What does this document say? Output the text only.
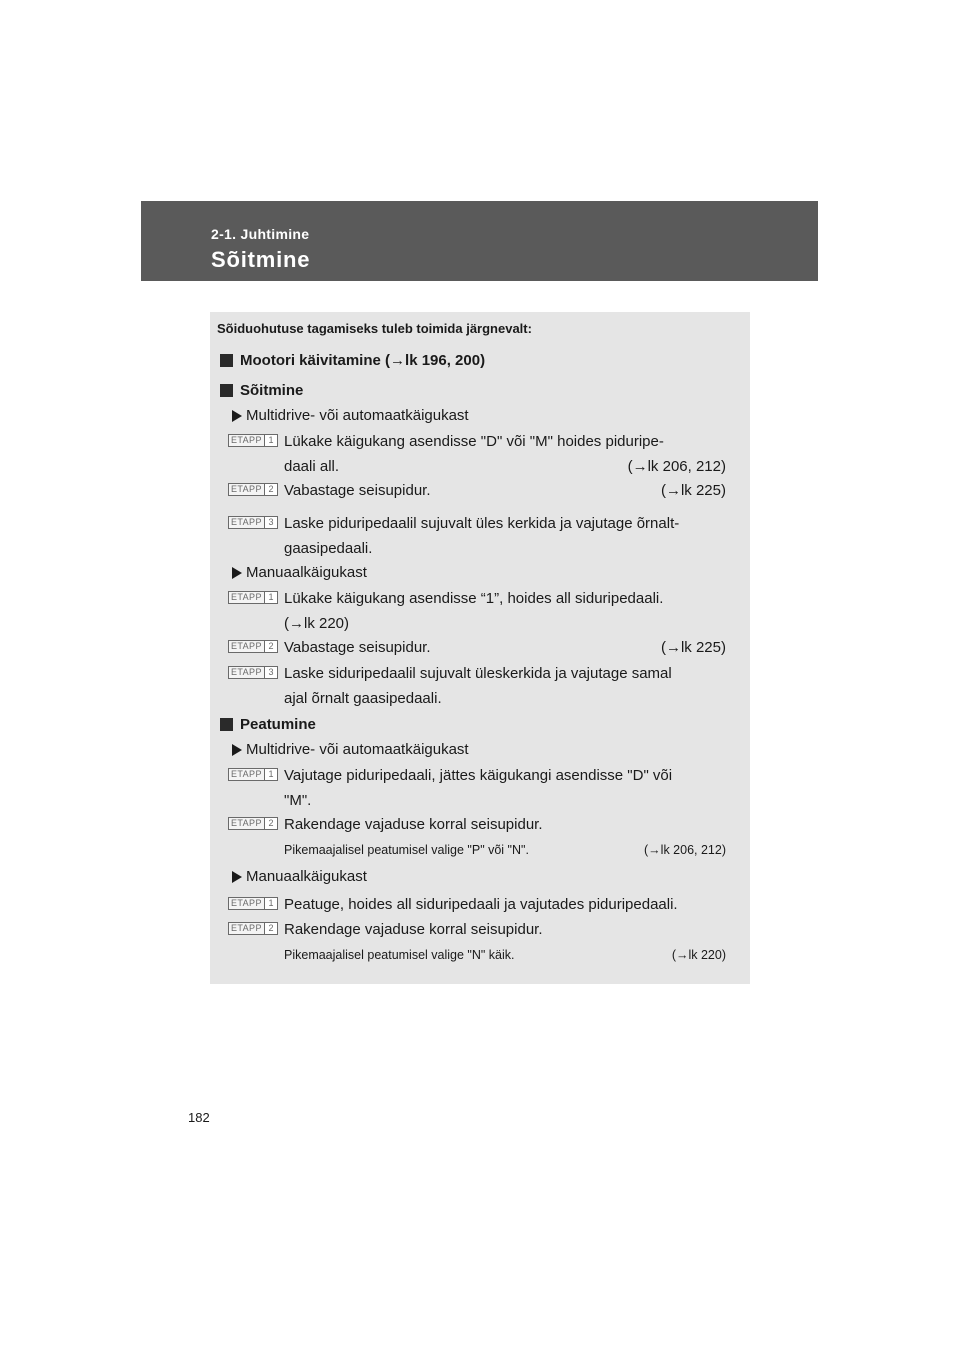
2-1. Juhtimine
Sõitmine
Sõiduohutuse tagamiseks tuleb toimida järgnevalt:
Mootori käivitamine (→lk 196, 200)
Sõitmine
Multidrive- või automaatkäigukast
ETAPP 1 Lükake käigukang asendisse "D" või "M" hoides piduripe-
daali all.	(→lk 206, 212)
ETAPP 2 Vabastage seisupidur.	(→lk 225)
ETAPP 3 Laske piduripedaalil sujuvalt üles kerkida ja vajutage õrnalt-
gaasipedaali.
Manuaalkäigukast
ETAPP 1 Lükake käigukang asendisse “1”, hoides all siduripedaali.
(→lk 220)
ETAPP 2 Vabastage seisupidur.	(→lk 225)
ETAPP 3 Laske siduripedaalil sujuvalt üleskerkida ja vajutage samal
ajal õrnalt gaasipedaali.
Peatumine
Multidrive- või automaatkäigukast
ETAPP 1 Vajutage piduripedaali, jättes käigukangi asendisse "D" või
"M".
ETAPP 2 Rakendage vajaduse korral seisupidur.
Pikemaajalisel peatumisel valige "P" või "N".	(→lk 206, 212)
Manuaalkäigukast
ETAPP 1 Peatuge, hoides all siduripedaali ja vajutades piduripedaali.
ETAPP 2 Rakendage vajaduse korral seisupidur.
Pikemaajalisel peatumisel valige "N" käik.	(→lk 220)
182
